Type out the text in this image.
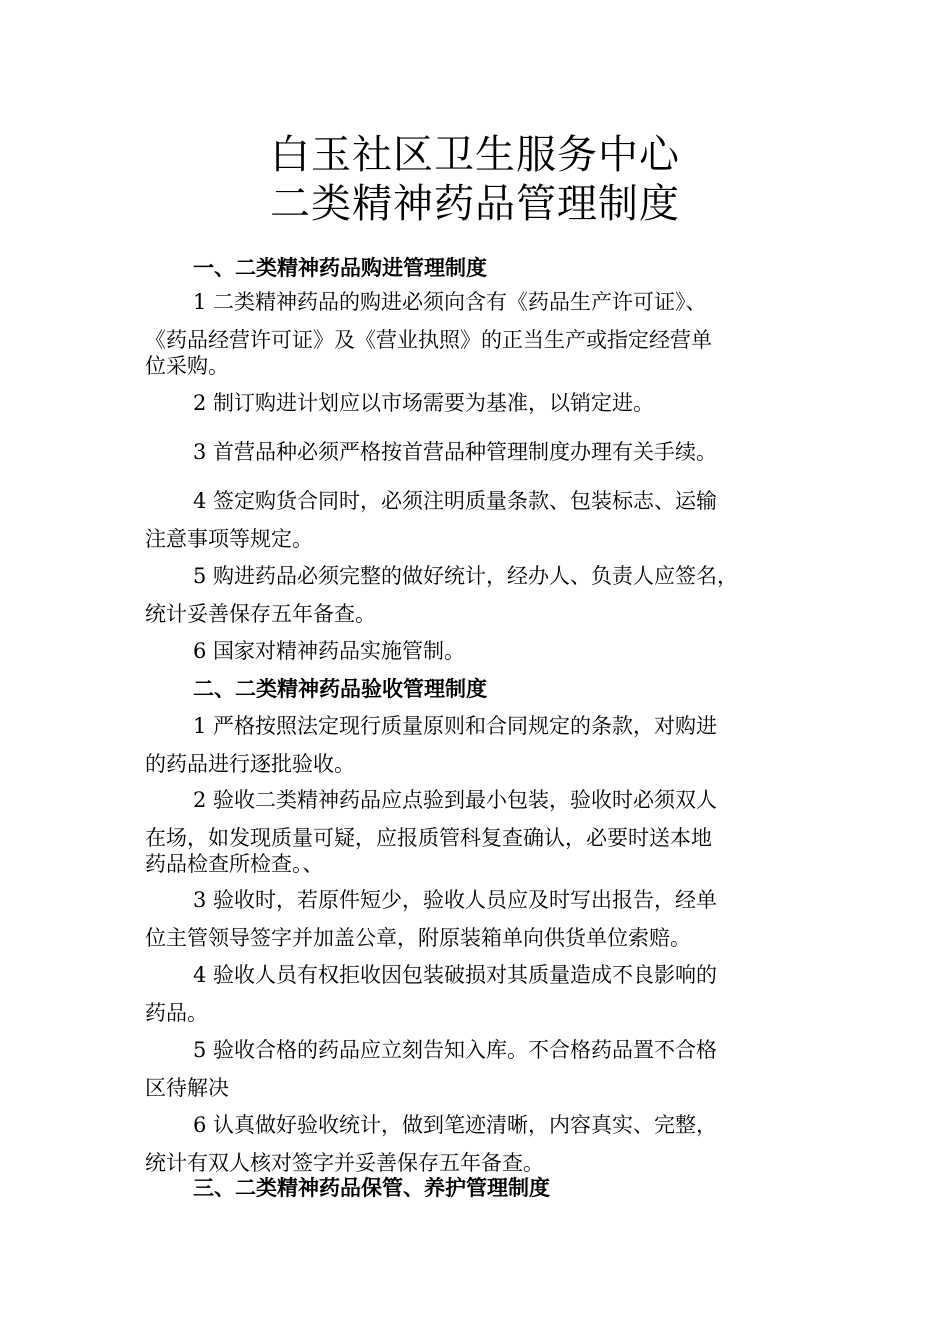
白玉社区卫生服务中心
二类精神药品管理制度
一、二类精神药品购进管理制度
1 二类精神药品的购进必须向含有《药品生产许可证》、
《药品经营许可证》及《营业执照》的正当生产或指定经营单
位采购。
2 制订购进计划应以市场需要为基准，以销定进。
3 首营品种必须严格按首营品种管理制度办理有关手续。
4 签定购货合同时，必须注明质量条款、包装标志、运输
注意事项等规定。
5 购进药品必须完整的做好统计，经办人、负责人应签名，
统计妥善保存五年备查。
6 国家对精神药品实施管制。
二、二类精神药品验收管理制度
1 严格按照法定现行质量原则和合同规定的条款，对购进
的药品进行逐批验收。
2 验收二类精神药品应点验到最小包装，验收时必须双人
在场，如发现质量可疑，应报质管科复查确认，必要时送本地
药品检查所检查。、
3 验收时，若原件短少，验收人员应及时写出报告，经单
位主管领导签字并加盖公章，附原装箱单向供货单位索赔。
4 验收人员有权拒收因包装破损对其质量造成不良影响的
药品。
5 验收合格的药品应立刻告知入库。不合格药品置不合格
区待解决
6 认真做好验收统计，做到笔迹清晰，内容真实、完整，
统计有双人核对签字并妥善保存五年备查。
三、二类精神药品保管、养护管理制度
